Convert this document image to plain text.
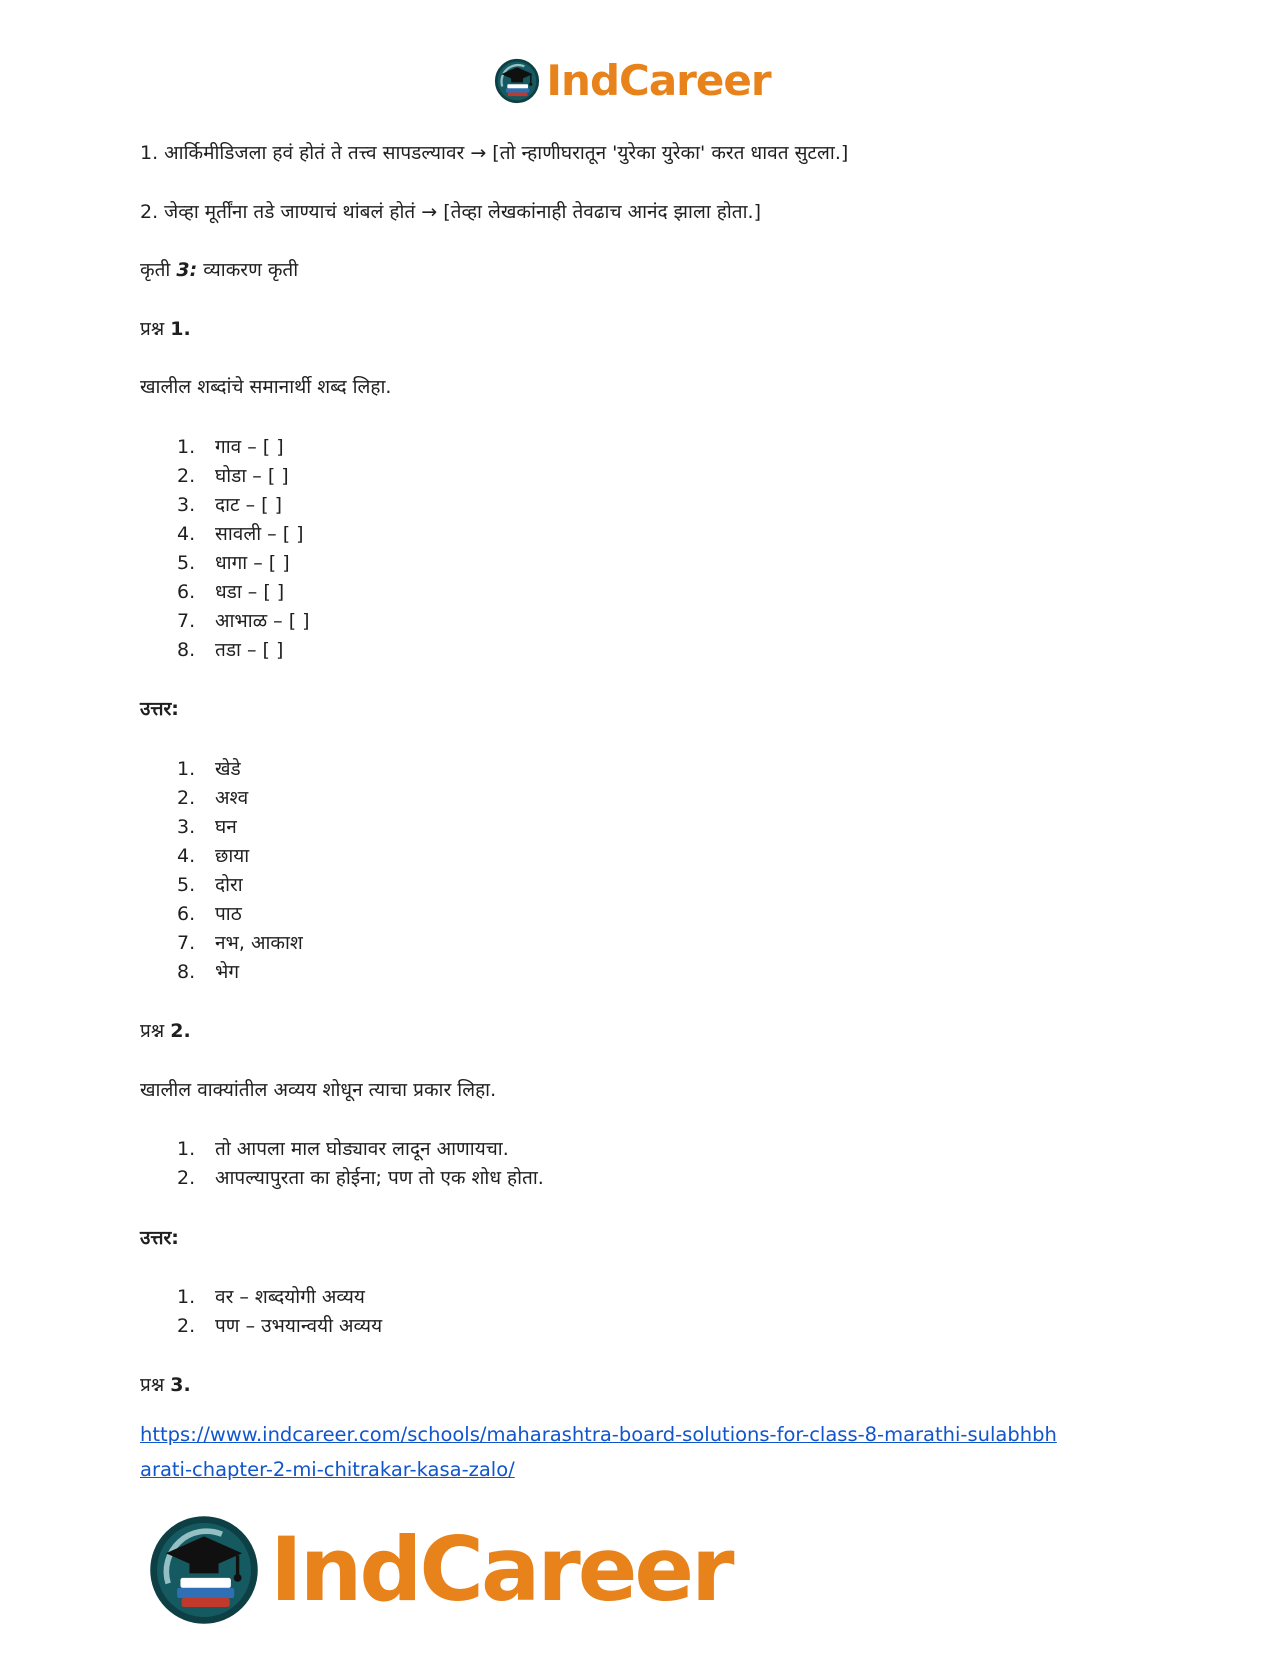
IndCareer

1. आर्किमीडिजला हवं होतं ते तत्त्व सापडल्यावर → [तो न्हाणीघरातून 'युरेका युरेका' करत धावत सुटला.]

2. जेव्हा मूर्तींना तडे जाण्याचं थांबलं होतं → [तेव्हा लेखकांनाही तेवढाच आनंद झाला होता.]

कृती 3: व्याकरण कृती

प्रश्न 1.

खालील शब्दांचे समानार्थी शब्द लिहा.

गाव – [ ]
घोडा – [ ]
दाट – [ ]
सावली – [ ]
धागा – [ ]
धडा – [ ]
आभाळ – [ ]
तडा – [ ]

उत्तर:

खेडे
अश्व
घन
छाया
दोरा
पाठ
नभ, आकाश
भेग

प्रश्न 2.

खालील वाक्यांतील अव्यय शोधून त्याचा प्रकार लिहा.

तो आपला माल घोड्यावर लादून आणायचा.
आपल्यापुरता का होईना; पण तो एक शोध होता.

उत्तर:

वर – शब्दयोगी अव्यय
पण – उभयान्वयी अव्यय

प्रश्न 3.

https://www.indcareer.com/schools/maharashtra-board-solutions-for-class-8-marathi-sulabhbharati-chapter-2-mi-chitrakar-kasa-zalo/
IndCareer
